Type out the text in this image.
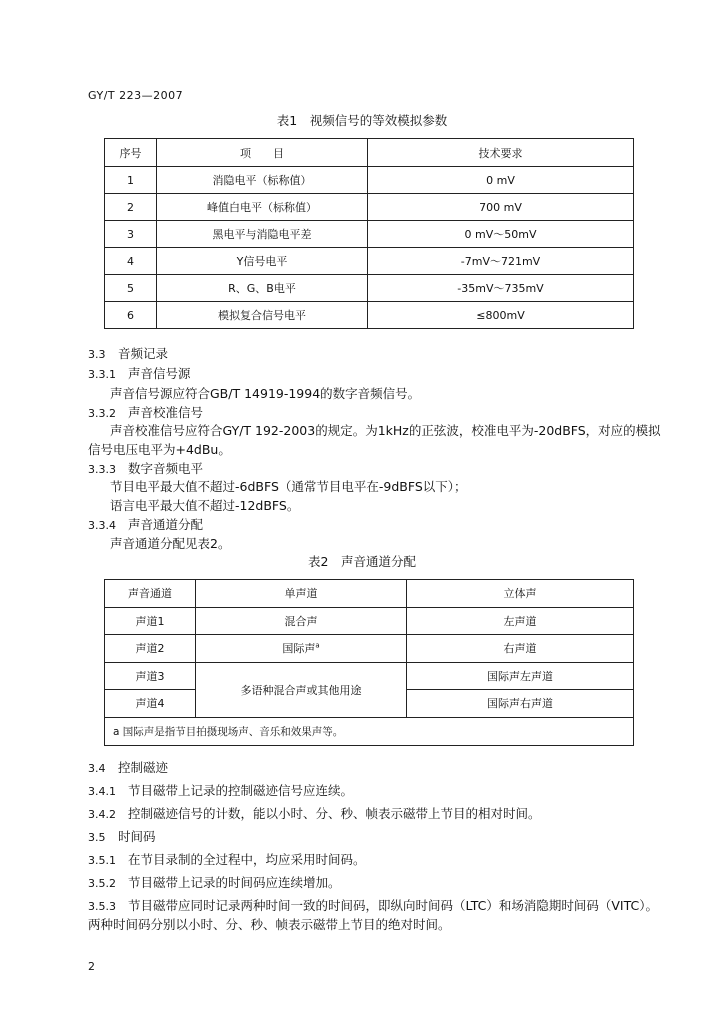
GY/T 223—2007
表1　视频信号的等效模拟参数
序号	项　　目	技术要求
1	消隐电平（标称值）	0 mV
2	峰值白电平（标称值）	700 mV
3	黑电平与消隐电平差	0 mV～50mV
4	Y信号电平	-7mV～721mV
5	R、G、B电平	-35mV～735mV
6	模拟复合信号电平	≤800mV
3.3 音频记录
3.3.1 声音信号源
声音信号源应符合GB/T 14919-1994的数字音频信号。
3.3.2 声音校准信号
声音校准信号应符合GY/T 192-2003的规定。为1kHz的正弦波，校准电平为-20dBFS，对应的模拟
信号电压电平为+4dBu。
3.3.3 数字音频电平
节目电平最大值不超过-6dBFS（通常节目电平在-9dBFS以下）；
语言电平最大值不超过-12dBFS。
3.3.4 声音通道分配
声音通道分配见表2。
表2　声音通道分配
声音通道	单声道	立体声
声道1	混合声	左声道
声道2	国际声$^a$	右声道
声道3	多语种混合声或其他用途	国际声左声道
声道4		国际声右声道
a 国际声是指节目拍摄现场声、音乐和效果声等。		
3.4 控制磁迹
3.4.1 节目磁带上记录的控制磁迹信号应连续。
3.4.2 控制磁迹信号的计数，能以小时、分、秒、帧表示磁带上节目的相对时间。
3.5 时间码
3.5.1 在节目录制的全过程中，均应采用时间码。
3.5.2 节目磁带上记录的时间码应连续增加。
3.5.3 节目磁带应同时记录两种时间一致的时间码，即纵向时间码（LTC）和场消隐期时间码（VITC）。
两种时间码分别以小时、分、秒、帧表示磁带上节目的绝对时间。
2
